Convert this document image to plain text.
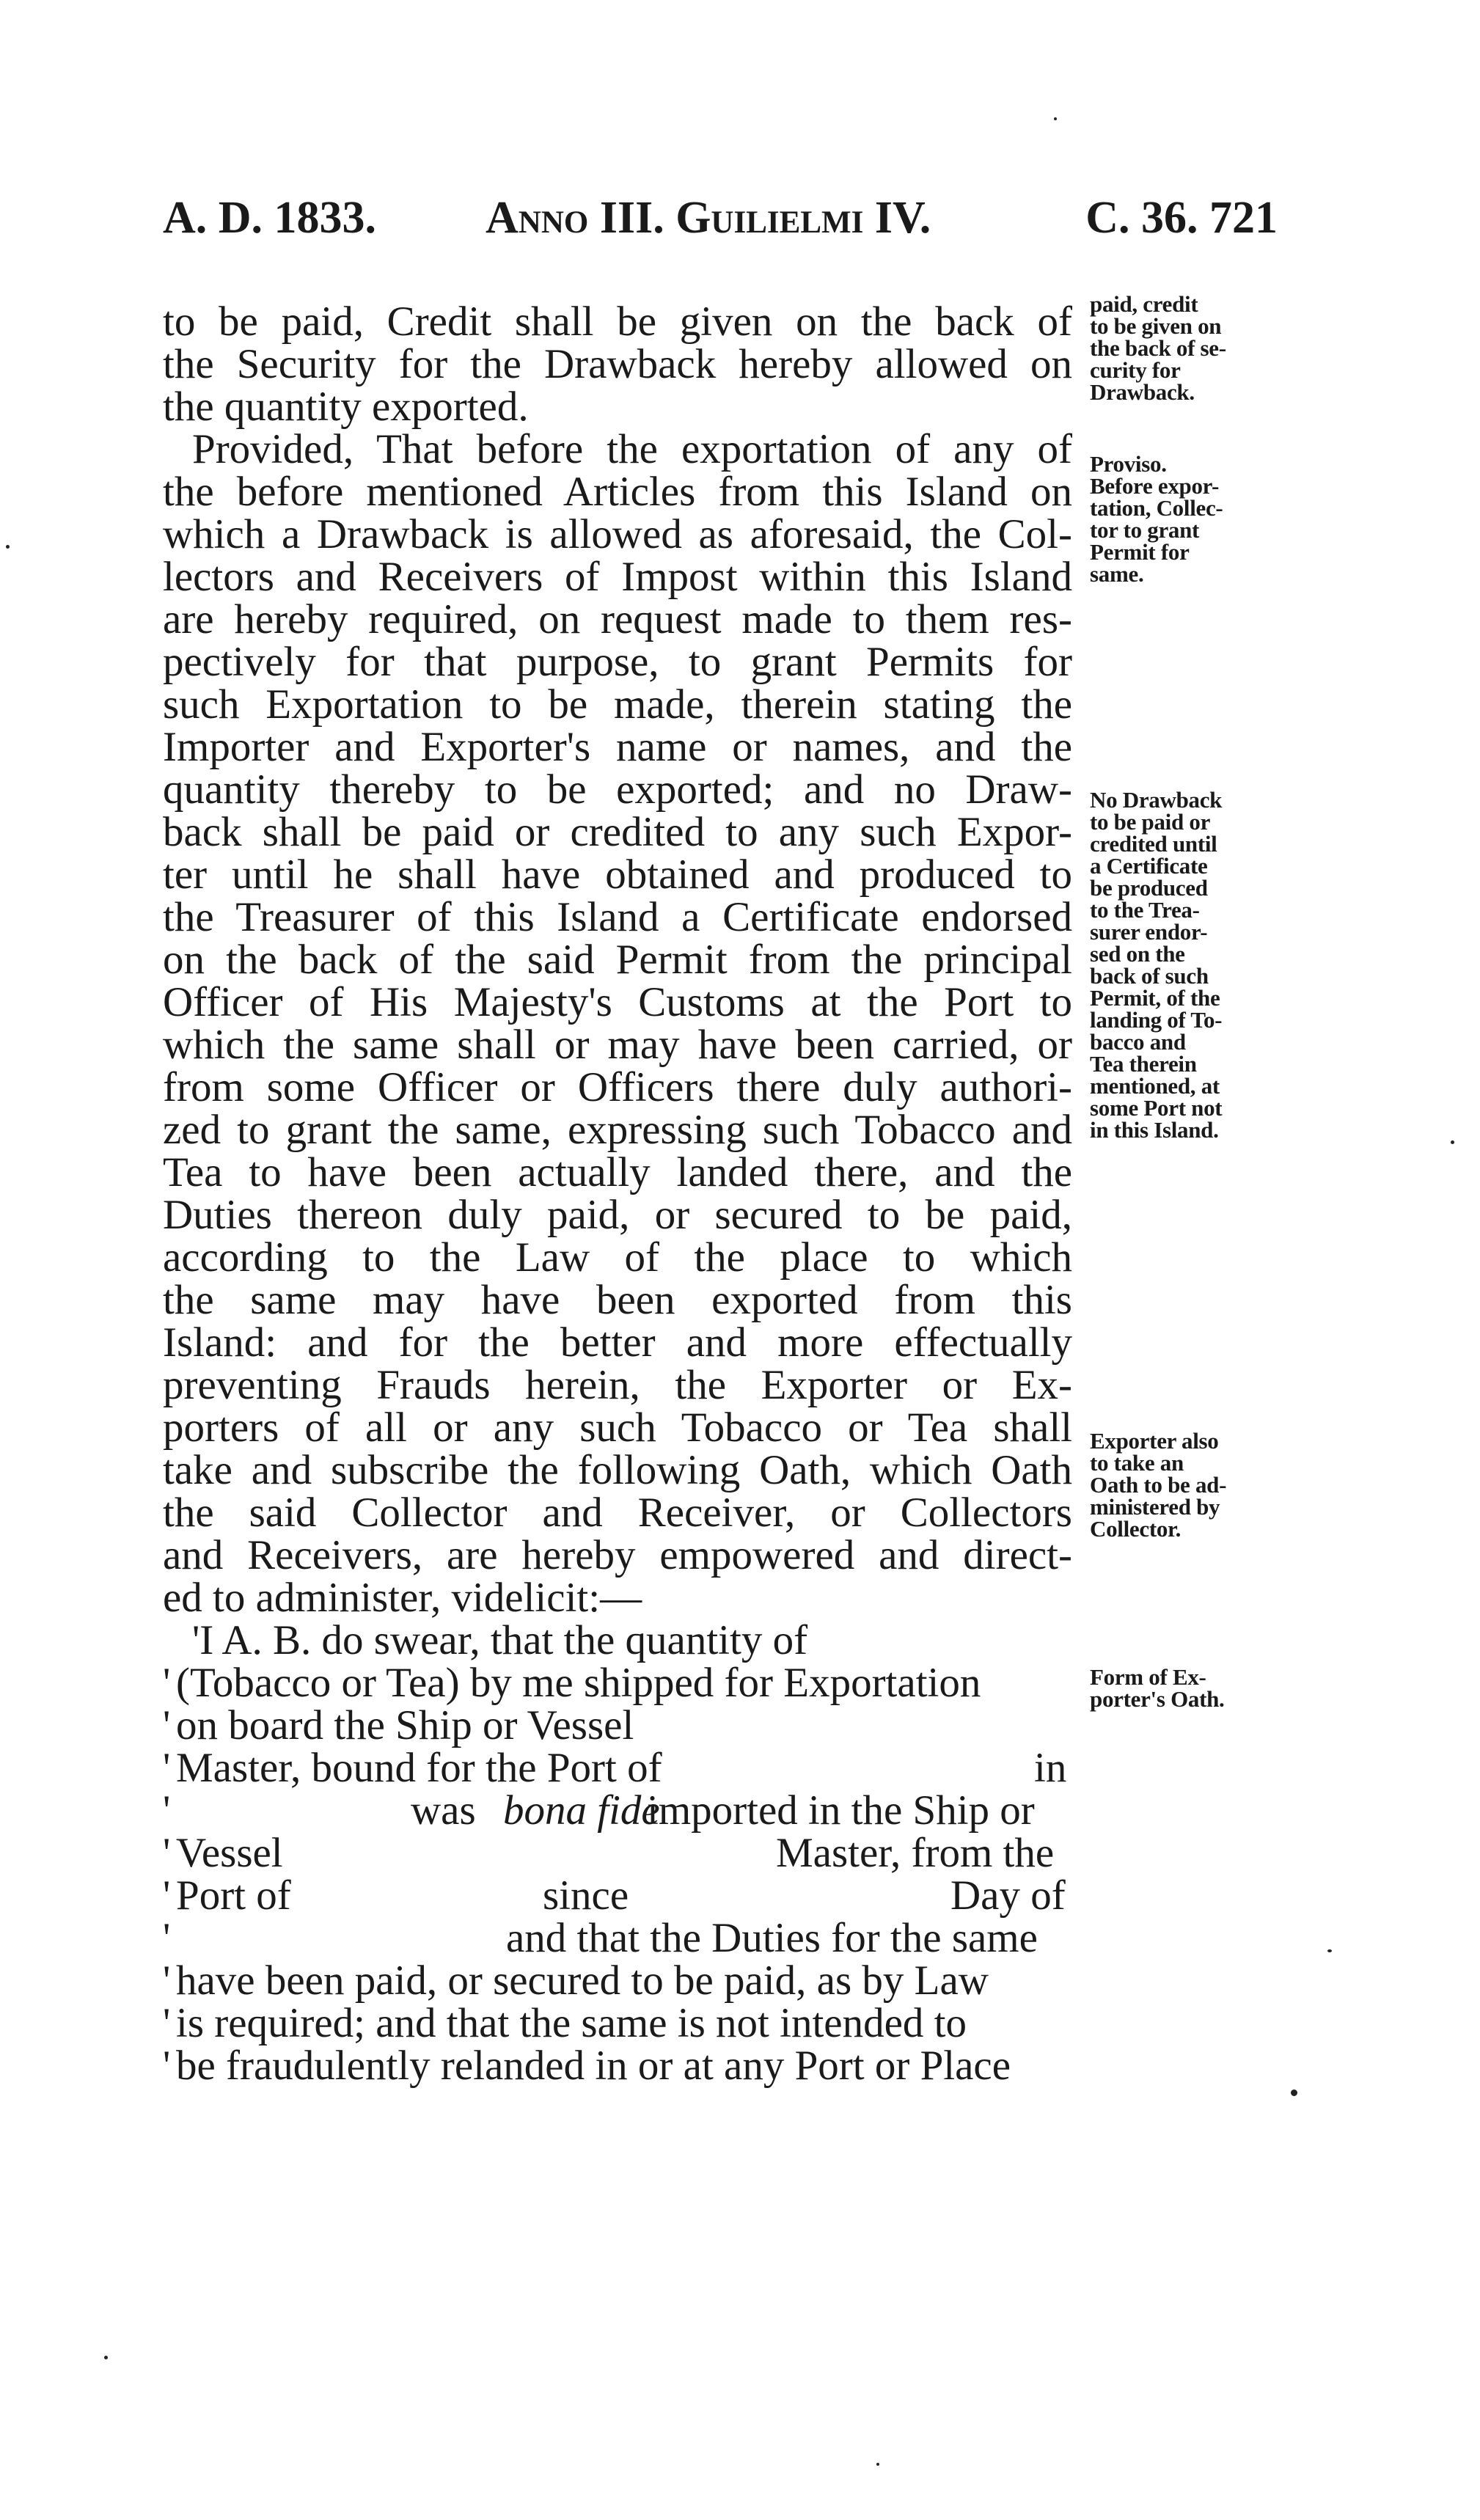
A. D. 1833. Anno III. Guilielmi IV.	C. 36. 721
to be paid, Credit shall be given on the back of
the Security for the Drawback hereby allowed on
the quantity exported.
Provided, That before the exportation of any of
the before mentioned Articles from this Island on
which a Drawback is allowed as aforesaid, the Col-
lectors and Receivers of Impost within this Island
are hereby required, on request made to them res-
pectively for that purpose, to grant Permits for
such Exportation to be made, therein stating the
Importer and Exporter's name or names, and the
quantity thereby to be exported; and no Draw-
back shall be paid or credited to any such Expor-
ter until he shall have obtained and produced to
the Treasurer of this Island a Certificate endorsed
on the back of the said Permit from the principal
Officer of His Majesty's Customs at the Port to
which the same shall or may have been carried, or
from some Officer or Officers there duly authori-
zed to grant the same, expressing such Tobacco and
Tea to have been actually landed there, and the
Duties thereon duly paid, or secured to be paid,
according to the Law of the place to which
the same may have been exported from this
Island: and for the better and more effectually
preventing Frauds herein, the Exporter or Ex-
porters of all or any such Tobacco or Tea shall
take and subscribe the following Oath, which Oath
the said Collector and Receiver, or Collectors
and Receivers, are hereby empowered and direct-
ed to administer, videlicit:—
'I A. B. do swear, that the quantity of
' (Tobacco or Tea) by me shipped for Exportation
' on board the Ship or Vessel
' Master, bound for the Port of	in
'	was bona fide
imported in the Ship or
' Vessel	Master, from the
' Port of	since	Day of
'	and that the Duties for the same
' have been paid, or secured to be paid, as by Law
' is required; and that the same is not intended to
' be fraudulently relanded in or at any Port or Place
paid, credit
to be given on
the back of se-
curity for
Drawback.
Proviso.
Before expor-
tation, Collec-
tor to grant
Permit for
same.
No Drawback
to be paid or
credited until
a Certificate
be produced
to the Trea-
surer endor-
sed on the
back of such
Permit, of the
landing of To-
bacco and
Tea therein
mentioned, at
some Port not
in this Island.
Exporter also
to take an
Oath to be ad-
ministered by
Collector.
Form of Ex-
porter's Oath.
